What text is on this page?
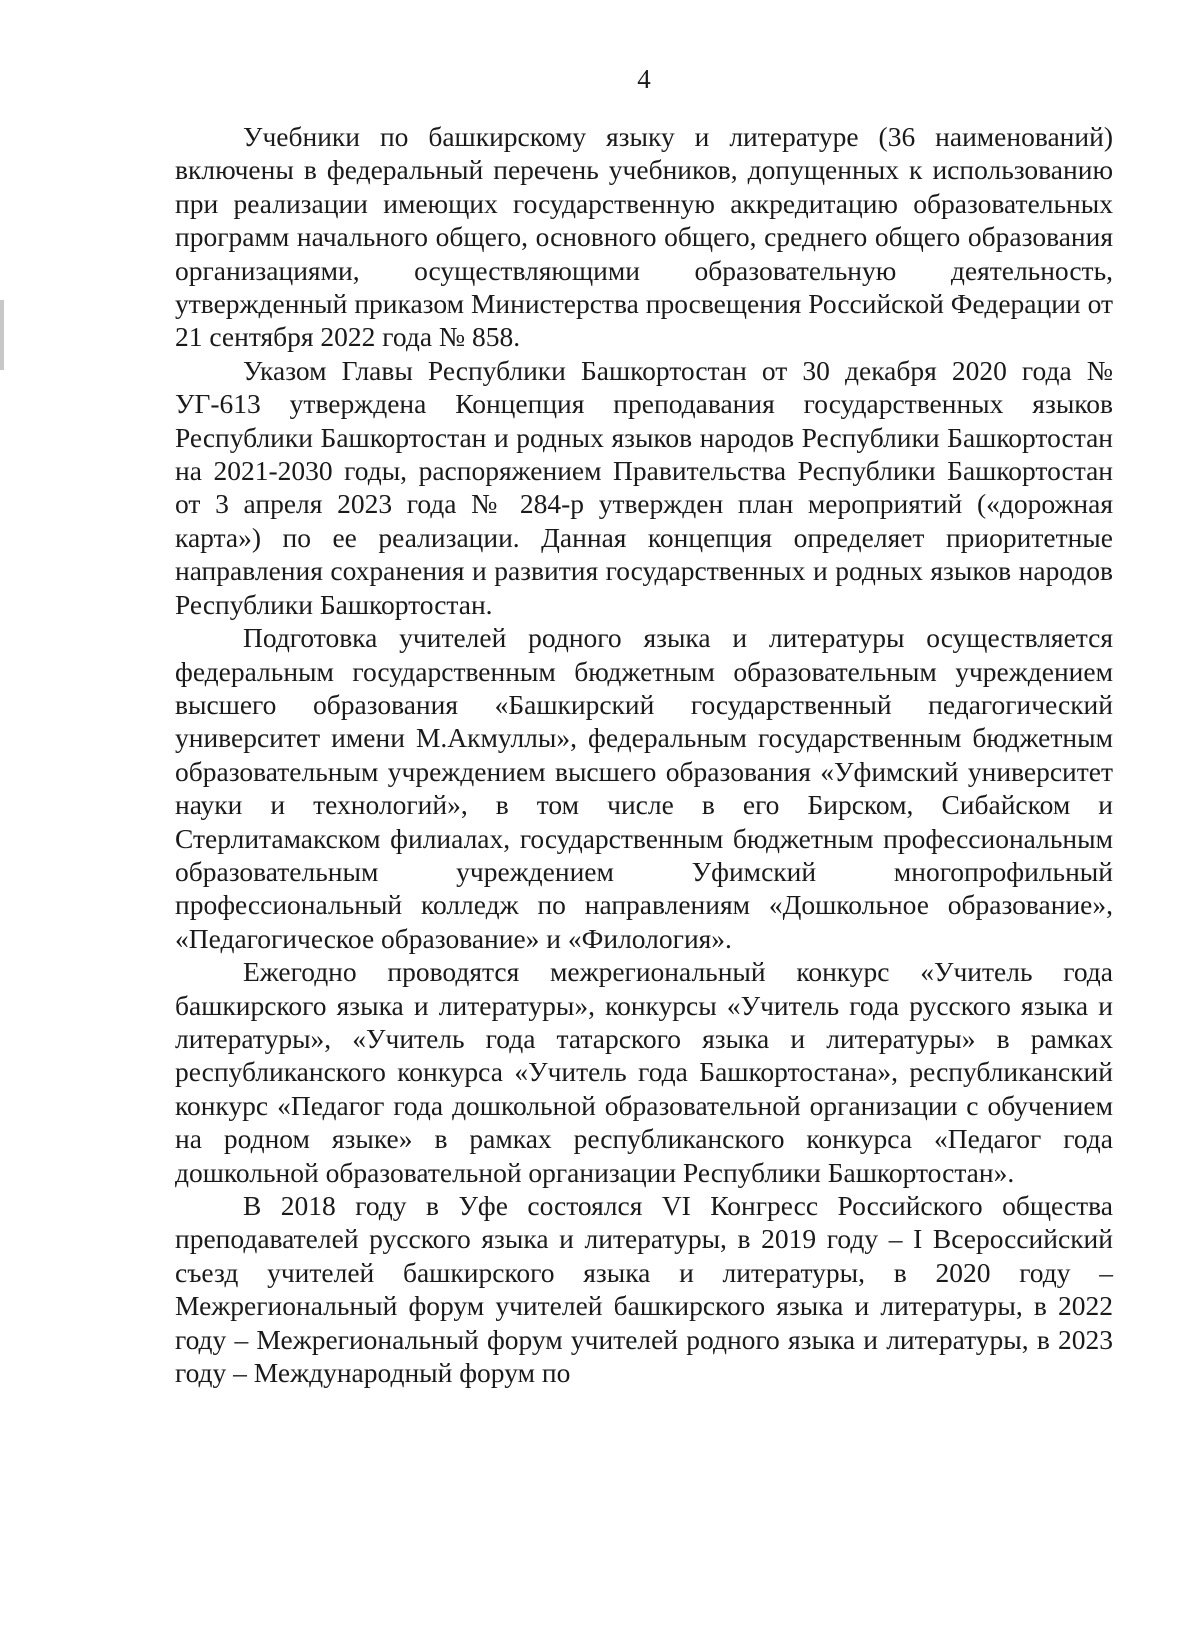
4

Учебники по башкирскому языку и литературе (36 наименований) включены в федеральный перечень учебников, допущенных к использованию при реализации имеющих государственную аккредитацию образовательных программ начального общего, основного общего, среднего общего образования организациями, осуществляющими образовательную деятельность, утвержденный приказом Министерства просвещения Российской Федерации от 21 сентября 2022 года № 858.

Указом Главы Республики Башкортостан от 30 декабря 2020 года № УГ-613 утверждена Концепция преподавания государственных языков Республики Башкортостан и родных языков народов Республики Башкортостан на 2021-2030 годы, распоряжением Правительства Республики Башкортостан от 3 апреля 2023 года № 284-р утвержден план мероприятий («дорожная карта») по ее реализации. Данная концепция определяет приоритетные направления сохранения и развития государственных и родных языков народов Республики Башкортостан.

Подготовка учителей родного языка и литературы осуществляется федеральным государственным бюджетным образовательным учреждением высшего образования «Башкирский государственный педагогический университет имени М.Акмуллы», федеральным государственным бюджетным образовательным учреждением высшего образования «Уфимский университет науки и технологий», в том числе в его Бирском, Сибайском и Стерлитамакском филиалах, государственным бюджетным профессиональным образовательным учреждением Уфимский многопрофильный профессиональный колледж по направлениям «Дошкольное образование», «Педагогическое образование» и «Филология».

Ежегодно проводятся межрегиональный конкурс «Учитель года башкирского языка и литературы», конкурсы «Учитель года русского языка и литературы», «Учитель года татарского языка и литературы» в рамках республиканского конкурса «Учитель года Башкортостана», республиканский конкурс «Педагог года дошкольной образовательной организации с обучением на родном языке» в рамках республиканского конкурса «Педагог года дошкольной образовательной организации Республики Башкортостан».

В 2018 году в Уфе состоялся VI Конгресс Российского общества преподавателей русского языка и литературы, в 2019 году – I Всероссийский съезд учителей башкирского языка и литературы, в 2020 году – Межрегиональный форум учителей башкирского языка и литературы, в 2022 году – Межрегиональный форум учителей родного языка и литературы, в 2023 году – Международный форум по
